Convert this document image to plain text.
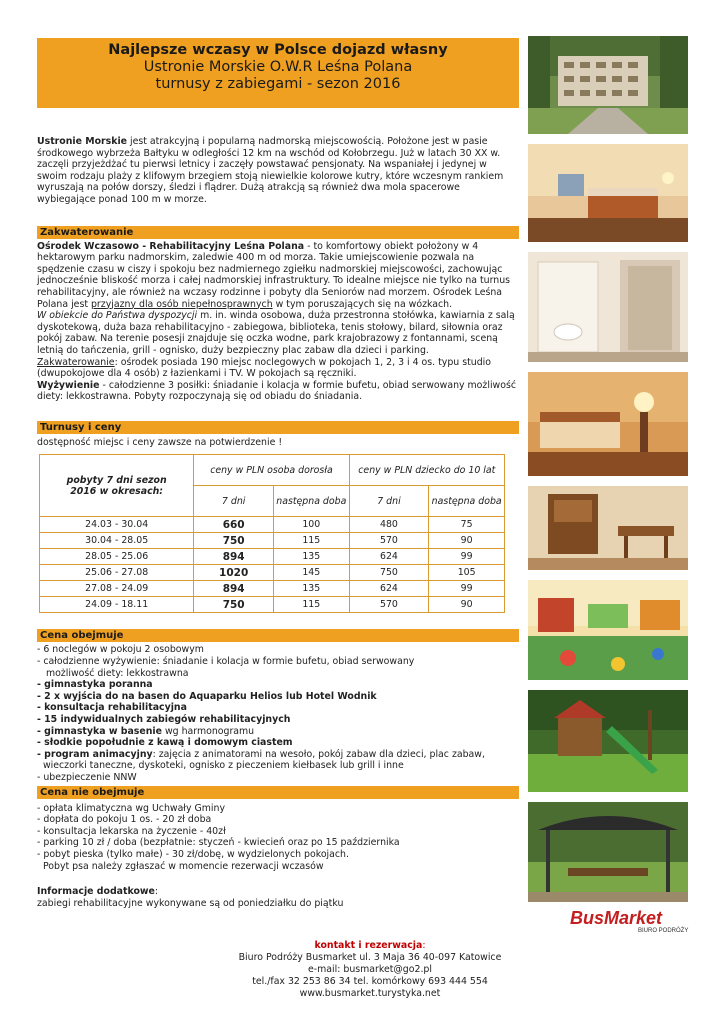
Najlepsze wczasy w Polsce dojazd własny
Ustronie Morskie O.W.R Leśna Polana
turnusy z zabiegami - sezon 2016

Ustronie Morskie jest atrakcyjną i popularną nadmorską miejscowością. Położone jest w pasie środkowego wybrzeża Bałtyku w odległości 12 km na wschód od Kołobrzegu. Już w latach 30 XX w. zaczęli przyjeżdżać tu pierwsi letnicy i zaczęły powstawać pensjonaty. Na wspaniałej i jedynej w swoim rodzaju plaży z klifowym brzegiem stoją niewielkie kolorowe kutry, które wczesnym rankiem wyruszają na połów dorszy, śledzi i flądrer. Dużą atrakcją są również dwa mola spacerowe wybiegające ponad 100 m w morze.

Zakwaterowanie

Ośrodek Wczasowo - Rehabilitacyjny Leśna Polana - to komfortowy obiekt położony w 4 hektarowym parku nadmorskim, zaledwie 400 m od morza. Takie umiejscowienie pozwala na spędzenie czasu w ciszy i spokoju bez nadmiernego zgiełku nadmorskiej miejscowości, zachowując jednocześnie bliskość morza i całej nadmorskiej infrastruktury. To idealne miejsce nie tylko na turnus rehabilitacyjny, ale również na wczasy rodzinne i pobyty dla Seniorów nad morzem. Ośrodek Leśna Polana jest przyjazny dla osób niepełnosprawnych w tym poruszających się na wózkach.

W obiekcie do Państwa dyspozycji m. in. winda osobowa, duża przestronna stołówka, kawiarnia z salą dyskotekową, duża baza rehabilitacyjno - zabiegowa, biblioteka, tenis stołowy, bilard, siłownia oraz pokój zabaw. Na terenie posesji znajduje się oczka wodne, park krajobrazowy z fontannami, sceną letnią do tańczenia, grill - ognisko, duży bezpieczny plac zabaw dla dzieci i parking.

Zakwaterowanie: ośrodek posiada 190 miejsc noclegowych w pokojach 1, 2, 3 i 4 os. typu studio (dwupokojowe dla 4 osób) z łazienkami i TV. W pokojach są ręczniki.

Wyżywienie - całodzienne 3 posiłki: śniadanie i kolacja w formie bufetu, obiad serwowany możliwość diety: lekkostrawna. Pobyty rozpoczynają się od obiadu do śniadania.

Turnusy i ceny

dostępność miejsc i ceny zawsze na potwierdzenie !

pobyty 7 dni sezon 2016 w okresach:	ceny w PLN osoba dorosła		ceny w PLN dziecko do 10 lat	
	7 dni	następna doba	7 dni	następna doba
24.03 - 30.04	660	100	480	75
30.04 - 28.05	750	115	570	90
28.05 - 25.06	894	135	624	99
25.06 - 27.08	1020	145	750	105
27.08 - 24.09	894	135	624	99
24.09 - 18.11	750	115	570	90
Cena obejmuje
- 6 noclegów w pokoju 2 osobowym
- całodzienne wyżywienie: śniadanie i kolacja w formie bufetu, obiad serwowany
możliwość diety: lekkostrawna
- gimnastyka poranna
- 2 x wyjścia do na basen do Aquaparku Helios lub Hotel Wodnik
- konsultacja rehabilitacyjna
- 15 indywidualnych zabiegów rehabilitacyjnych
- gimnastyka w basenie wg harmonogramu
- słodkie popołudnie z kawą i domowym ciastem
- program animacyjny: zajęcia z animatorami na wesoło, pokój zabaw dla dzieci, plac zabaw,
wieczorki taneczne, dyskoteki, ognisko z pieczeniem kiełbasek lub grill i inne
- ubezpieczenie NNW
Cena nie obejmuje
- opłata klimatyczna wg Uchwały Gminy
- dopłata do pokoju 1 os. - 20 zł doba
- konsultacja lekarska na życzenie - 40zł
- parking 10 zł / doba (bezpłatnie: styczeń - kwiecień oraz po 15 października
- pobyt pieska (tylko małe) - 30 zł/dobę, w wydzielonych pokojach.
Pobyt psa należy zgłaszać w momencie rezerwacji wczasów

Informacje dodatkowe:

zabiegi rehabilitacyjne wykonywane są od poniedziałku do piątku

BusMarket
BIURO PODRÓŻY
kontakt i rezerwacja:
Biuro Podróży Busmarket ul. 3 Maja 36 40-097 Katowice
e-mail: busmarket@go2.pl
tel./fax 32 253 86 34 tel. komórkowy 693 444 554
www.busmarket.turystyka.net
